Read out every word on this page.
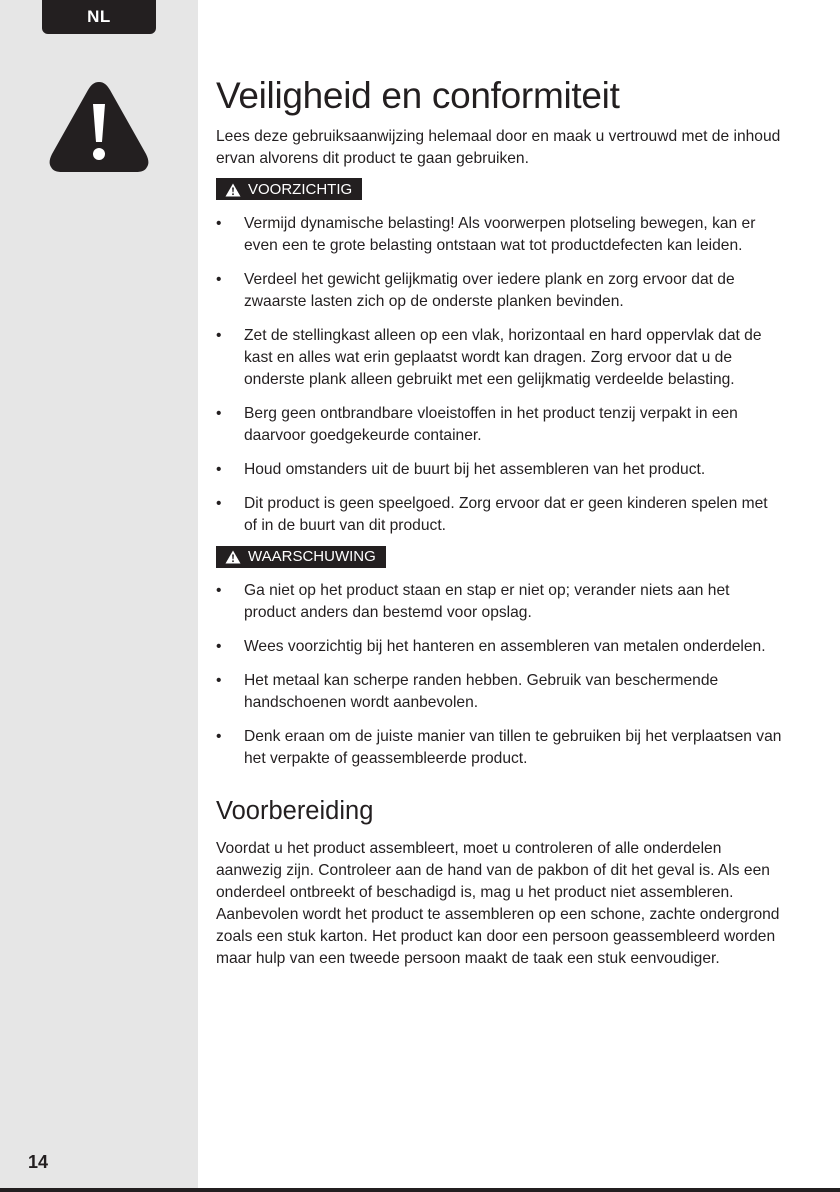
NL
14
Veiligheid en conformiteit

Lees deze gebruiksaanwijzing helemaal door en maak u vertrouwd met de inhoud ervan alvorens dit product te gaan gebruiken.

VOORZICHTIG
• Vermijd dynamische belasting! Als voorwerpen plotseling bewegen, kan er even een te grote belasting ontstaan wat tot productdefecten kan leiden.
• Verdeel het gewicht gelijkmatig over iedere plank en zorg ervoor dat de zwaarste lasten zich op de onderste planken bevinden.
• Zet de stellingkast alleen op een vlak, horizontaal en hard oppervlak dat de kast en alles wat erin geplaatst wordt kan dragen. Zorg ervoor dat u de onderste plank alleen gebruikt met een gelijkmatig verdeelde belasting.
• Berg geen ontbrandbare vloeistoffen in het product tenzij verpakt in een daarvoor goedgekeurde container.
• Houd omstanders uit de buurt bij het assembleren van het product.
• Dit product is geen speelgoed. Zorg ervoor dat er geen kinderen spelen met of in de buurt van dit product.
WAARSCHUWING
• Ga niet op het product staan en stap er niet op; verander niets aan het product anders dan bestemd voor opslag.
• Wees voorzichtig bij het hanteren en assembleren van metalen onderdelen.
• Het metaal kan scherpe randen hebben. Gebruik van beschermende handschoenen wordt aanbevolen.
• Denk eraan om de juiste manier van tillen te gebruiken bij het verplaatsen van het verpakte of geassembleerde product.
Voorbereiding

Voordat u het product assembleert, moet u controleren of alle onderdelen aanwezig zijn. Controleer aan de hand van de pakbon of dit het geval is. Als een onderdeel ontbreekt of beschadigd is, mag u het product niet assembleren. Aanbevolen wordt het product te assembleren op een schone, zachte ondergrond zoals een stuk karton. Het product kan door een persoon geassembleerd worden maar hulp van een tweede persoon maakt de taak een stuk eenvoudiger.
